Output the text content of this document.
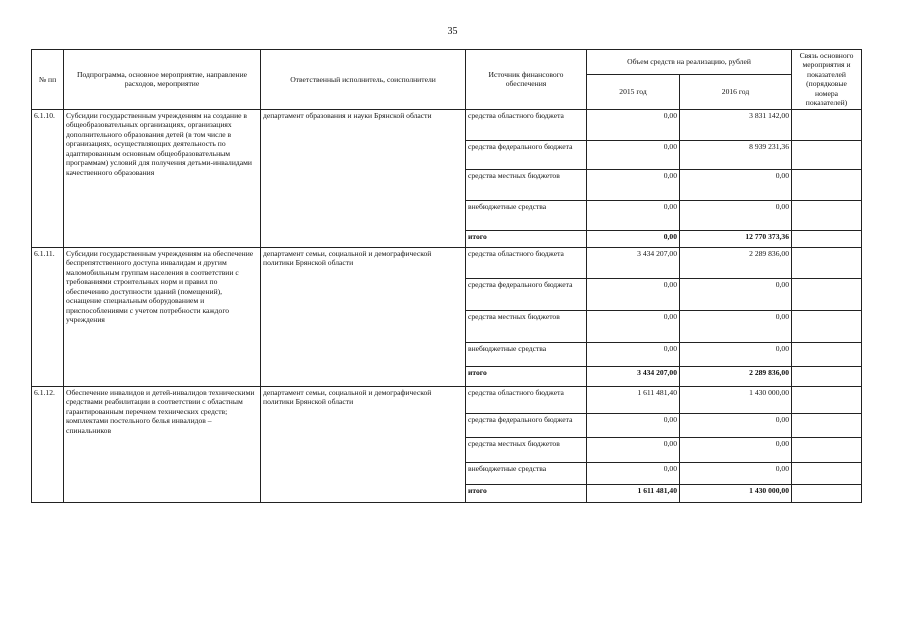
35
№ пп	Подпрограмма, основное мероприятие, направление расходов, мероприятие	Ответственный исполнитель, соисполнители	Источник финансового обеспечения	Объем средств на реализацию, рублей		Связь основного мероприятия и показателей (порядковые номера показателей)
				2015 год	2016 год	
6.1.10.	Субсидии государственным учреждениям на создание в общеобразовательных организациях, организациях дополнительного образования детей (в том числе в организациях, осуществляющих деятельность по адаптированным основным общеобразовательным программам) условий для получения детьми-инвалидами качественного образования	департамент образования и науки Брянской области	средства областного бюджета	0,00	3 831 142,00	
			средства федерального бюджета	0,00	8 939 231,36	
			средства местных бюджетов	0,00	0,00	
			внебюджетные средства	0,00	0,00	
			итого	0,00	12 770 373,36	
6.1.11.	Субсидии государственным учреждениям на обеспечение беспрепятственного доступа инвалидам и другим маломобильным группам населения в соответствии с требованиями строительных норм и правил по обеспечению доступности зданий (помещений), оснащение специальным оборудованием и приспособлениями с учетом потребности каждого учреждения	департамент семьи, социальной и демографической политики Брянской области	средства областного бюджета	3 434 207,00	2 289 836,00	
			средства федерального бюджета	0,00	0,00	
			средства местных бюджетов	0,00	0,00	
			внебюджетные средства	0,00	0,00	
			итого	3 434 207,00	2 289 836,00	
6.1.12.	Обеспечение инвалидов и детей-инвалидов техническими средствами реабилитации в соответствии с областным гарантированным перечнем технических средств; комплектами постельного белья инвалидов – спинальников	департамент семьи, социальной и демографической политики Брянской области	средства областного бюджета	1 611 481,40	1 430 000,00	
			средства федерального бюджета	0,00	0,00	
			средства местных бюджетов	0,00	0,00	
			внебюджетные средства	0,00	0,00	
			итого	1 611 481,40	1 430 000,00	
